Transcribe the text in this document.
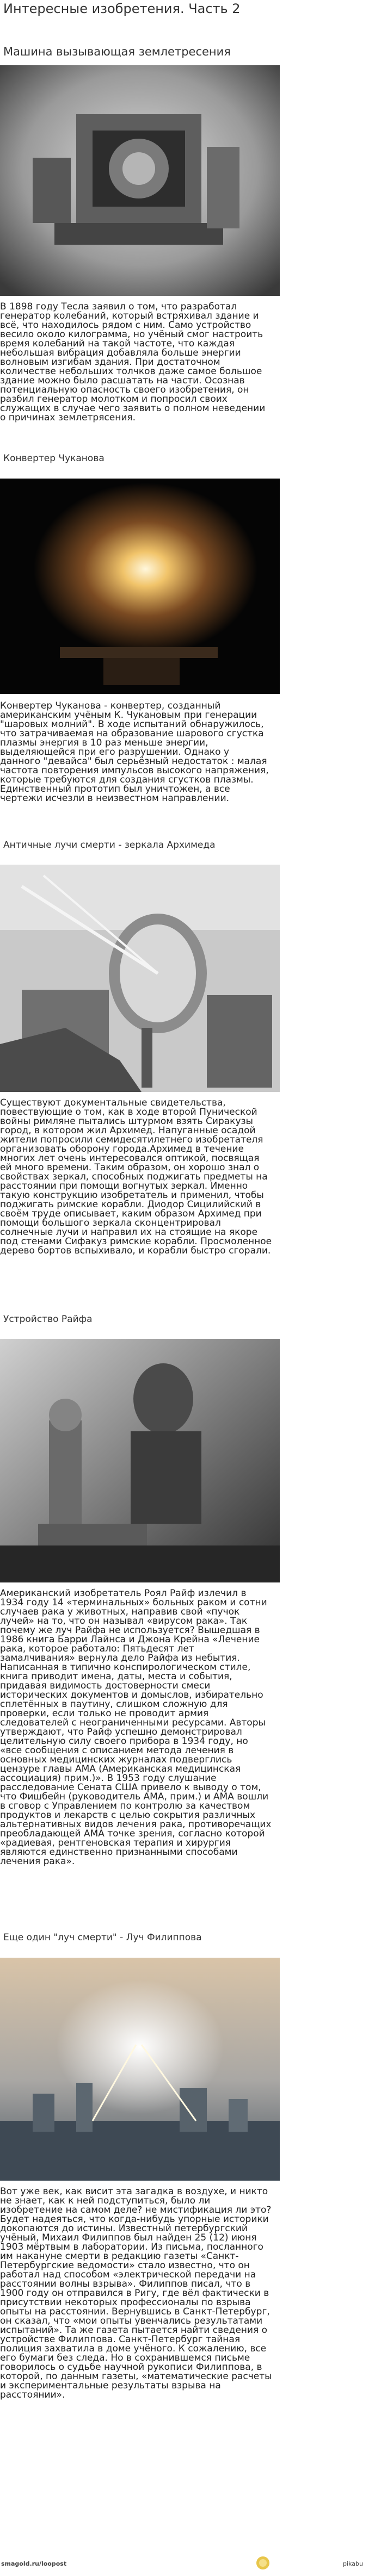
Интересные изобретения. Часть 2
Машина вызывающая землетресения

В 1898 году Тесла заявил о том, что разработал генератор колебаний, который встряхивал здание и всё, что находилось рядом с ним. Само устройство весило около килограмма, но учёный смог настроить время колебаний на такой частоте, что каждая небольшая вибрация добавляла больше энергии волновым изгибам здания. При достаточном количестве небольших толчков даже самое большое здание можно было расшатать на части. Осознав потенциальную опасность своего изобретения, он разбил генератор молотком и попросил своих служащих в случае чего заявить о полном неведении о причинах землетрясения.

Конвертер Чуканова

Конвертер Чуканова - конвертер, созданный американским учёным К. Чукановым при генерации "шаровых молний". В ходе испытаний обнаружилось, что затрачиваемая на образование шарового сгустка плазмы энергия в 10 раз меньше энергии, выделяющейся при его разрушении. Однако у данного "девайса" был серьёзный недостаток : малая частота повторения импульсов высокого напряжения, которые требуются для создания сгустков плазмы. Единственный прототип был уничтожен, а все чертежи исчезли в неизвестном направлении.

Античные лучи смерти - зеркала Архимеда

Существуют документальные свидетельства, повествующие о том, как в ходе второй Пунической войны римляне пытались штурмом взять Сиракузы город, в котором жил Архимед. Напуганные осадой жители попросили семидесятилетнего изобретателя организовать оборону города.Архимед в течение многих лет очень интересовался оптикой, посвящая ей много времени. Таким образом, он хорошо знал о свойствах зеркал, способных поджигать предметы на расстоянии при помощи вогнутых зеркал. Именно такую конструкцию изобретатель и применил, чтобы поджигать римские корабли. Диодор Сицилийский в своём труде описывает, каким образом Архимед при помощи большого зеркала сконцентрировал солнечные лучи и направил их на стоящие на якоре под стенами Сифакуз римские корабли. Просмоленное дерево бортов вспыхивало, и корабли быстро сгорали.

Устройство Райфа

Американский изобретатель Роял Райф излечил в 1934 году 14 «терминальных» больных раком и сотни случаев рака у животных, направив свой «пучок лучей» на то, что он называл «вирусом рака». Так почему же луч Райфа не используется? Вышедшая в 1986 книга Барри Лайнса и Джона Крейна «Лечение рака, которое работало: Пятьдесят лет замалчивания» вернула дело Райфа из небытия. Написанная в типично конспирологическом стиле, книга приводит имена, даты, места и события, придавая видимость достоверности смеси исторических документов и домыслов, избирательно сплетённых в паутину, слишком сложную для проверки, если только не проводит армия следователей с неограниченными ресурсами. Авторы утверждают, что Райф успешно демонстрировал целительную силу своего прибора в 1934 году, но «все сообщения с описанием метода лечения в основных медицинских журналах подверглись цензуре главы АМА (Американская медицинская ассоциация) прим.)». В 1953 году слушание расследование Сената США привело к выводу о том, что Фишбейн (руководитель АМА, прим.) и АМА вошли в сговор с Управлением по контролю за качеством продуктов и лекарств с целью сокрытия различных альтернативных видов лечения рака, противоречащих преобладающей АМА точке зрения, согласно которой «радиевая, рентгеновская терапия и хирургия являются единственно признанными способами лечения рака».

Еще один "луч смерти" - Луч Филиппова

Вот уже век, как висит эта загадка в воздухе, и никто не знает, как к ней подступиться, было ли изобретение на самом деле? не мистификация ли это? Будет надеяться, что когда-нибудь упорные историки докопаются до истины. Известный петербургский учёный, Михаил Филиппов был найден 25 (12) июня 1903 мёртвым в лаборатории. Из письма, посланного им накануне смерти в редакцию газеты «Санкт-Петербургские ведомости» стало известно, что он работал над способом «электрической передачи на расстоянии волны взрыва». Филиппов писал, что в 1900 году он отправился в Ригу, где вёл фактически в присутствии некоторых профессионалы по взрыва опыты на расстоянии. Вернувшись в Санкт-Петербург, он сказал, что «мои опыты увенчались результатами испытаний». Та же газета пытается найти сведения о устройстве Филиппова. Санкт-Петербург тайная полиция захватила в доме учёного. К сожалению, все его бумаги без следа. Но в сохранившемся письме говорилось о судьбе научной рукописи Филиппова, в которой, по данным газеты, «математические расчеты и экспериментальные результаты взрыва на расстоянии».

smagold.ru/loopost	pikabu
